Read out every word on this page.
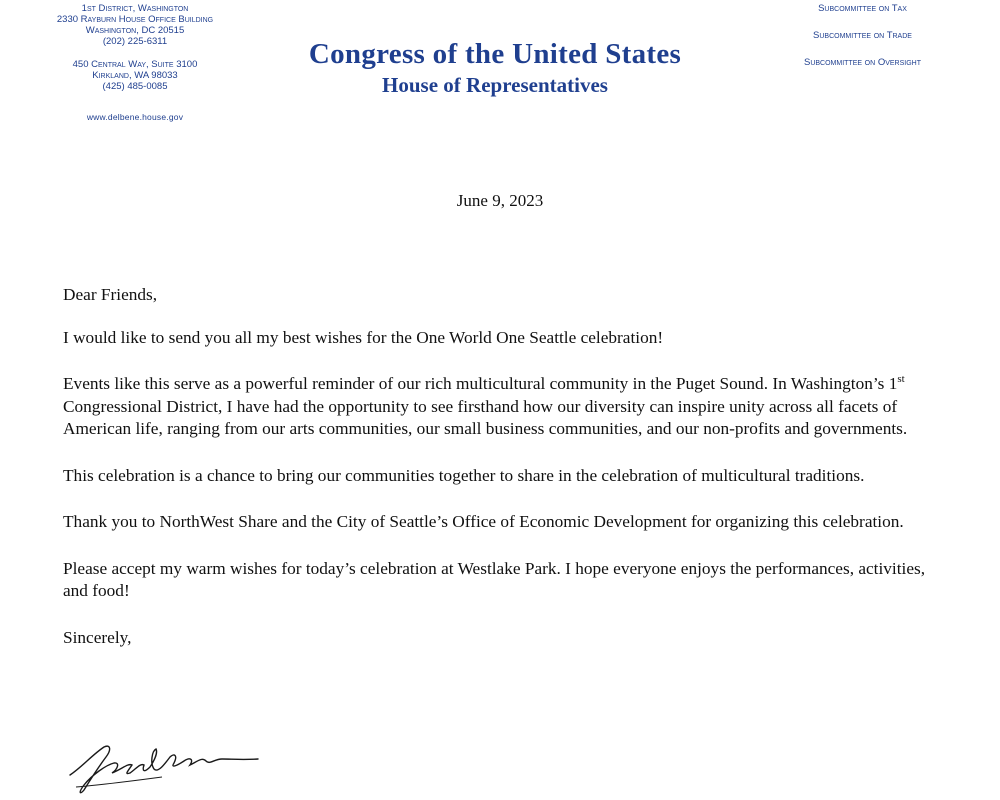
1st District, Washington
2330 Rayburn House Office Building
Washington, DC 20515
(202) 225-6311
450 Central Way, Suite 3100
Kirkland, WA 98033
(425) 485-0085
www.delbene.house.gov
Subcommittee on Tax
Subcommittee on Trade
Subcommittee on Oversight
Congress of the United States
House of Representatives
June 9, 2023

Dear Friends,

I would like to send you all my best wishes for the One World One Seattle celebration!

Events like this serve as a powerful reminder of our rich multicultural community in the Puget Sound. In Washington’s 1st Congressional District, I have had the opportunity to see firsthand how our diversity can inspire unity across all facets of American life, ranging from our arts communities, our small business communities, and our non-profits and governments.

This celebration is a chance to bring our communities together to share in the celebration of multicultural traditions.

Thank you to NorthWest Share and the City of Seattle’s Office of Economic Development for organizing this celebration.

Please accept my warm wishes for today’s celebration at Westlake Park. I hope everyone enjoys the performances, activities, and food!

Sincerely,
